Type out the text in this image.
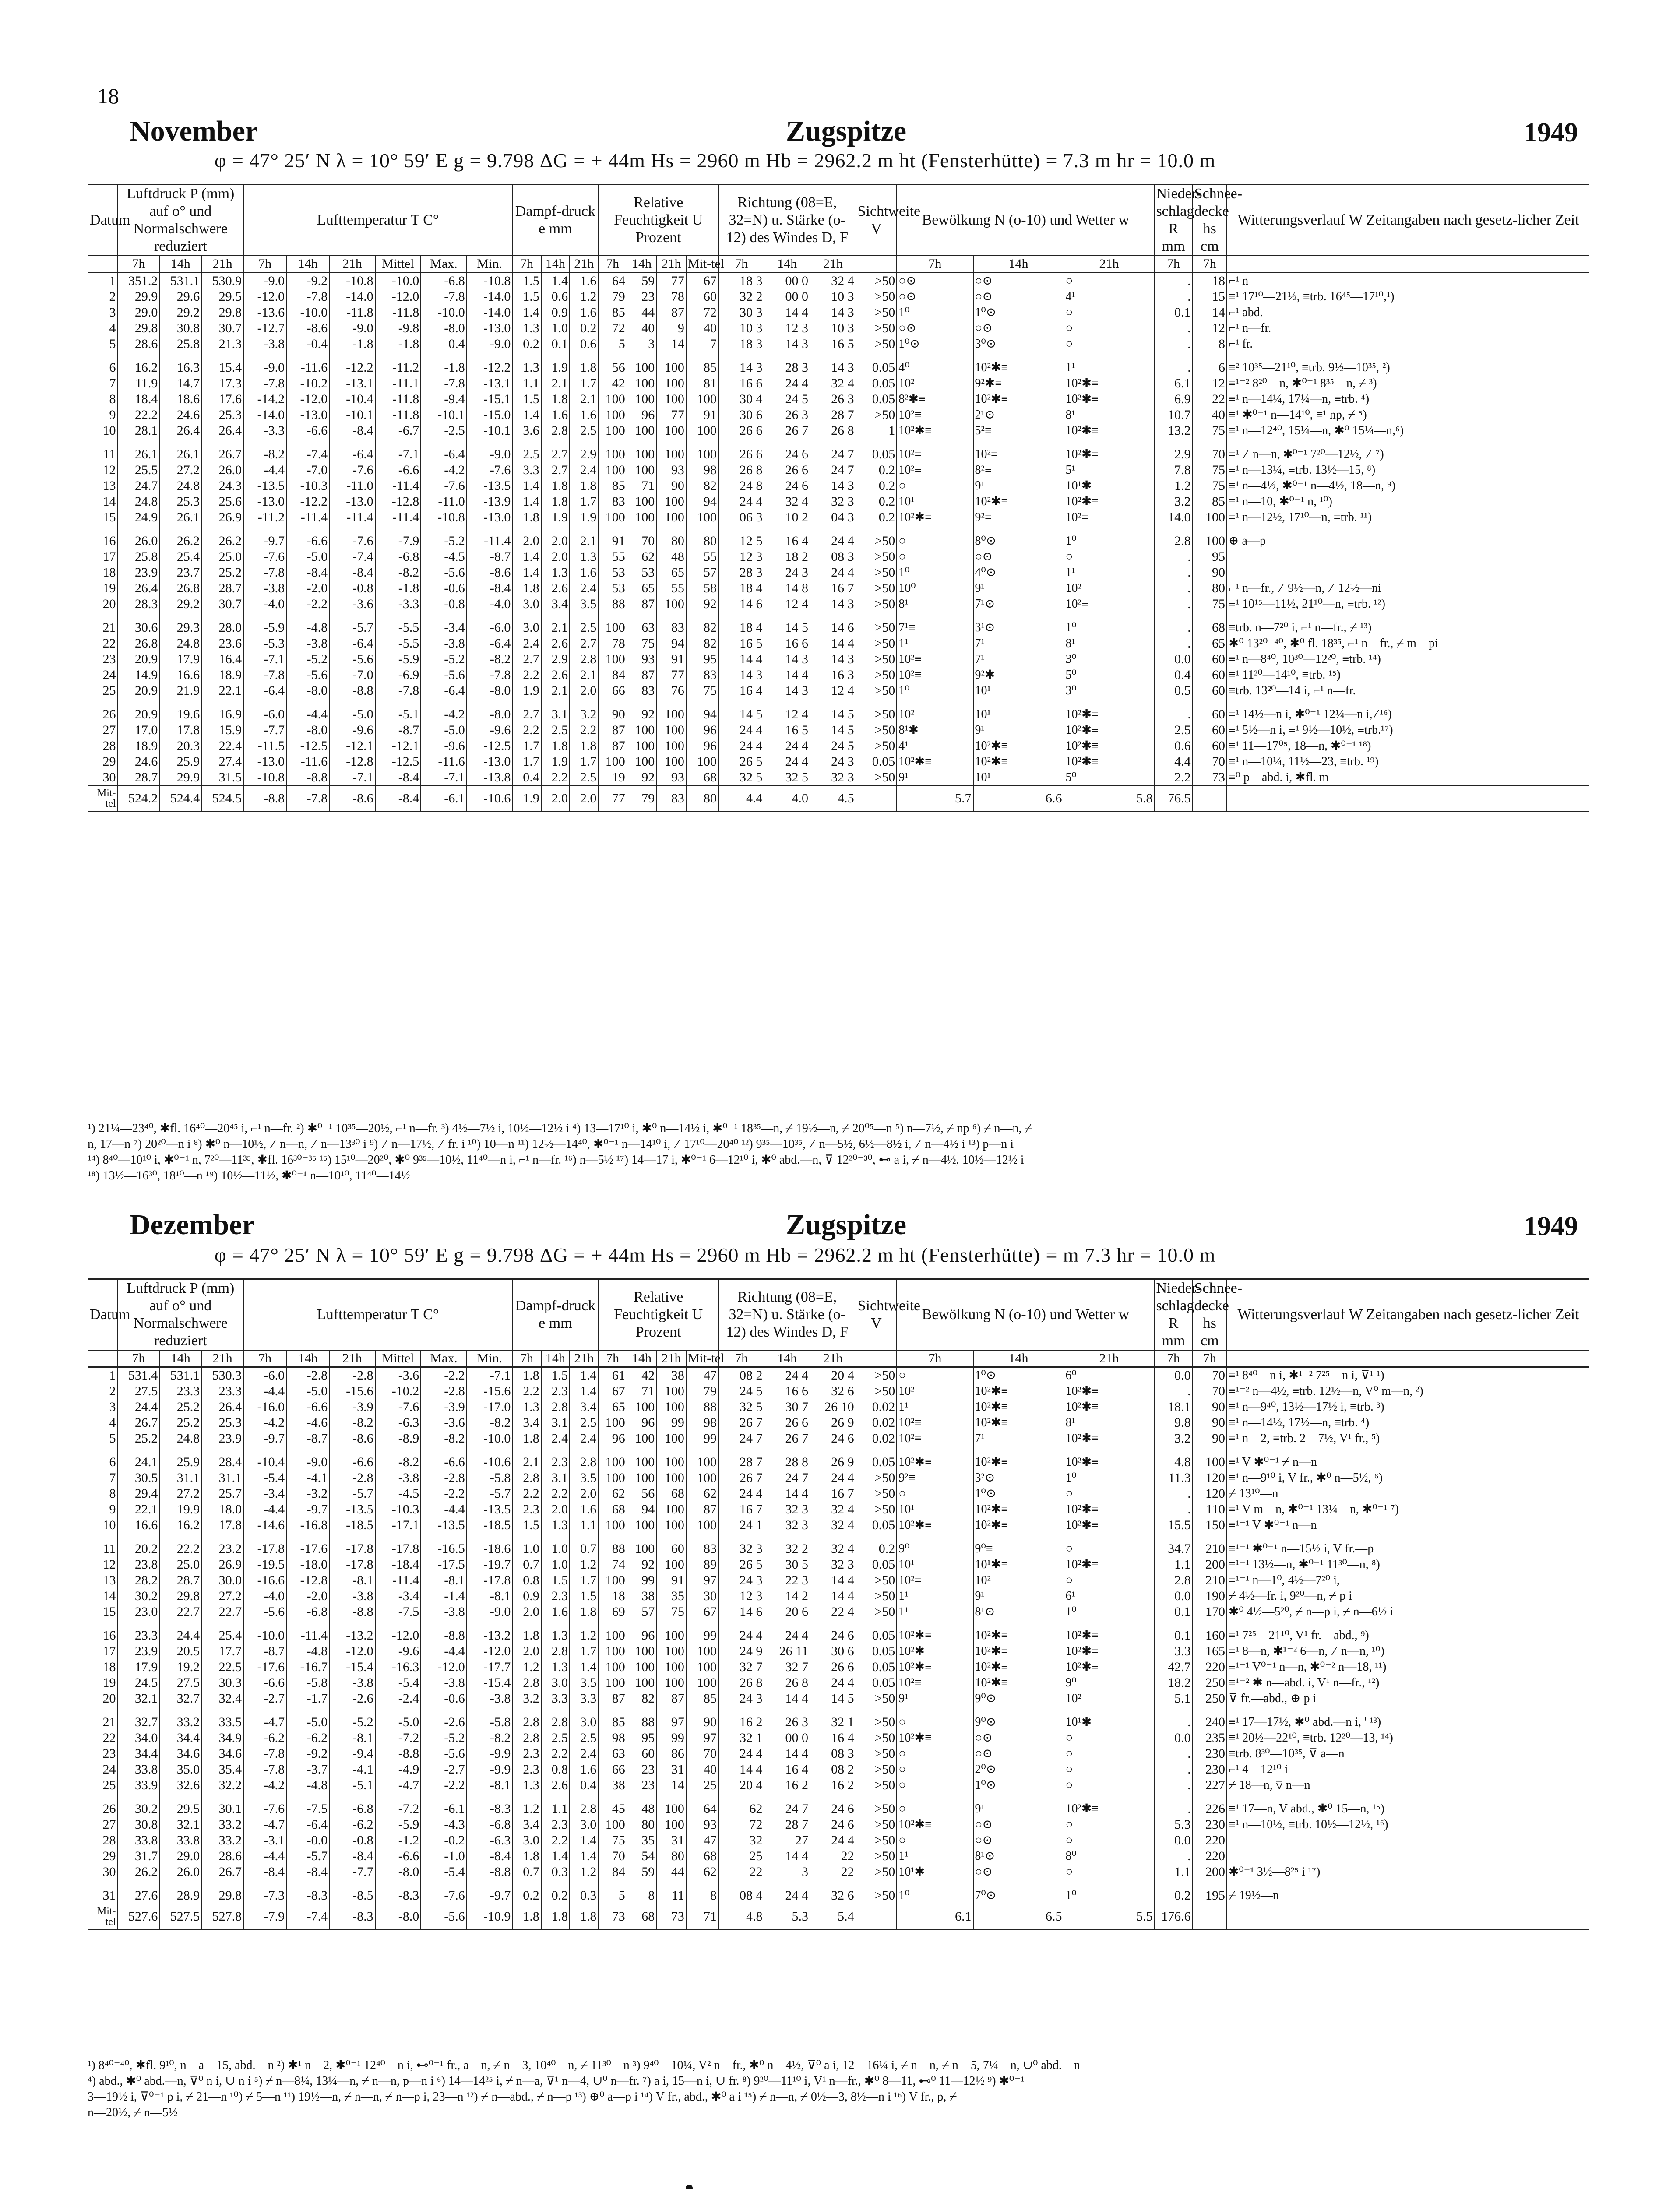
18
November	Zugspitze	1949
φ = 47° 25′ N λ = 10° 59′ E g = 9.798 ΔG = + 44m Hs = 2960 m Hb = 2962.2 m ht (Fensterhütte) = 7.3 m hr = 10.0 m
Datum	Luftdruck P (mm) auf o° und Normalschwere reduziert			Lufttemperatur T C°						Dampf-druck e mm			Relative Feuchtigkeit U Prozent				Richtung (08=E, 32=N) u. Stärke (o-12) des Windes D, F			Sichtweite V	Bewölkung N (o-10) und Wetter w			Nieder-schlag R mm	Schnee-decke hs cm	Witterungsverlauf W Zeitangaben nach gesetz-licher Zeit
	7h	14h	21h	7h	14h	21h	Mittel	Max.	Min.	7h	14h	21h	7h	14h	21h	Mit-tel	7h	14h	21h		7h	14h	21h	7h	7h	
1	351.2	531.1	530.9	-9.0	-9.2	-10.8	-10.0	-6.8	-10.8	1.5	1.4	1.6	64	59	77	67	18 3	00 0	32 4	>50	○⊙	○⊙	○	.	18	⌐¹ n
2	29.9	29.6	29.5	-12.0	-7.8	-14.0	-12.0	-7.8	-14.0	1.5	0.6	1.2	79	23	78	60	32 2	00 0	10 3	>50	○⊙	○⊙	4¹	.	15	≡¹ 17¹⁰—21½, ≡trb. 16⁴⁵—17¹⁰,¹)
3	29.0	29.2	29.8	-13.6	-10.0	-11.8	-11.8	-10.0	-14.0	1.4	0.9	1.6	85	44	87	72	30 3	14 4	14 3	>50	1⁰	1⁰⊙	○	0.1	14	⌐¹ abd.
4	29.8	30.8	30.7	-12.7	-8.6	-9.0	-9.8	-8.0	-13.0	1.3	1.0	0.2	72	40	9	40	10 3	12 3	10 3	>50	○⊙	○⊙	○	.	12	⌐¹ n—fr.
5	28.6	25.8	21.3	-3.8	-0.4	-1.8	-1.8	0.4	-9.0	0.2	0.1	0.6	5	3	14	7	18 3	14 3	16 5	>50	1⁰⊙	3⁰⊙	○	.	8	⌐¹ fr.

6	16.2	16.3	15.4	-9.0	-11.6	-12.2	-11.2	-1.8	-12.2	1.3	1.9	1.8	56	100	100	85	14 3	28 3	14 3	0.05	4⁰	10²✱≡	1¹	.	6	≡² 10³⁵—21¹⁰, ≡trb. 9½—10³⁵, ²)
7	11.9	14.7	17.3	-7.8	-10.2	-13.1	-11.1	-7.8	-13.1	1.1	2.1	1.7	42	100	100	81	16 6	24 4	32 4	0.05	10²	9²✱≡	10²✱≡	6.1	12	≡¹⁻² 8²⁰—n, ✱⁰⁻¹ 8³⁵—n, ⌿ ³)
8	18.4	18.6	17.6	-14.2	-12.0	-10.4	-11.8	-9.4	-15.1	1.5	1.8	2.1	100	100	100	100	30 4	24 5	26 3	0.05	8²✱≡	10²✱≡	10²✱≡	6.9	22	≡¹ n—14¼, 17¼—n, ≡trb. ⁴)
9	22.2	24.6	25.3	-14.0	-13.0	-10.1	-11.8	-10.1	-15.0	1.4	1.6	1.6	100	96	77	91	30 6	26 3	28 7	>50	10²≡	2¹⊙	8¹	10.7	40	≡¹ ✱⁰⁻¹ n—14¹⁰, ≡¹ np, ⌿ ⁵)
10	28.1	26.4	26.4	-3.3	-6.6	-8.4	-6.7	-2.5	-10.1	3.6	2.8	2.5	100	100	100	100	26 6	26 7	26 8	1	10²✱≡	5²≡	10²✱≡	13.2	75	≡¹ n—12⁴⁰, 15¼—n, ✱⁰ 15¼—n,⁶)

11	26.1	26.1	26.7	-8.2	-7.4	-6.4	-7.1	-6.4	-9.0	2.5	2.7	2.9	100	100	100	100	26 6	24 6	24 7	0.05	10²≡	10²≡	10²✱≡	2.9	70	≡¹ ⌿ n—n, ✱⁰⁻¹ 7²⁰—12½, ⌿ ⁷)
12	25.5	27.2	26.0	-4.4	-7.0	-7.6	-6.6	-4.2	-7.6	3.3	2.7	2.4	100	100	93	98	26 8	26 6	24 7	0.2	10²≡	8²≡	5¹	7.8	75	≡¹ n—13¼, ≡trb. 13½—15, ⁸)
13	24.7	24.8	24.3	-13.5	-10.3	-11.0	-11.4	-7.6	-13.5	1.4	1.8	1.8	85	71	90	82	24 8	24 6	14 3	0.2	○	9¹	10¹✱	1.2	75	≡¹ n—4½, ✱⁰⁻¹ n—4½, 18—n, ⁹)
14	24.8	25.3	25.6	-13.0	-12.2	-13.0	-12.8	-11.0	-13.9	1.4	1.8	1.7	83	100	100	94	24 4	32 4	32 3	0.2	10¹	10²✱≡	10²✱≡	3.2	85	≡¹ n—10, ✱⁰⁻¹ n, ¹⁰)
15	24.9	26.1	26.9	-11.2	-11.4	-11.4	-11.4	-10.8	-13.0	1.8	1.9	1.9	100	100	100	100	06 3	10 2	04 3	0.2	10²✱≡	9²≡	10²≡	14.0	100	≡¹ n—12½, 17¹⁰—n, ≡trb. ¹¹)

16	26.0	26.2	26.2	-9.7	-6.6	-7.6	-7.9	-5.2	-11.4	2.0	2.0	2.1	91	70	80	80	12 5	16 4	24 4	>50	○	8⁰⊙	1⁰	2.8	100	⊕ a—p
17	25.8	25.4	25.0	-7.6	-5.0	-7.4	-6.8	-4.5	-8.7	1.4	2.0	1.3	55	62	48	55	12 3	18 2	08 3	>50	○	○⊙	○	.	95	
18	23.9	23.7	25.2	-7.8	-8.4	-8.4	-8.2	-5.6	-8.6	1.4	1.3	1.6	53	53	65	57	28 3	24 3	24 4	>50	1⁰	4⁰⊙	1¹	.	90	
19	26.4	26.8	28.7	-3.8	-2.0	-0.8	-1.8	-0.6	-8.4	1.8	2.6	2.4	53	65	55	58	18 4	14 8	16 7	>50	10⁰	9¹	10²	.	80	⌐¹ n—fr., ⌿ 9½—n, ⌿ 12½—ni
20	28.3	29.2	30.7	-4.0	-2.2	-3.6	-3.3	-0.8	-4.0	3.0	3.4	3.5	88	87	100	92	14 6	12 4	14 3	>50	8¹	7¹⊙	10²≡	.	75	≡¹ 10¹⁵—11½, 21¹⁰—n, ≡trb. ¹²)

21	30.6	29.3	28.0	-5.9	-4.8	-5.7	-5.5	-3.4	-6.0	3.0	2.1	2.5	100	63	83	82	18 4	14 5	14 6	>50	7¹≡	3¹⊙	1⁰	.	68	≡trb. n—7²⁰ i, ⌐¹ n—fr., ⌿ ¹³)
22	26.8	24.8	23.6	-5.3	-3.8	-6.4	-5.5	-3.8	-6.4	2.4	2.6	2.7	78	75	94	82	16 5	16 6	14 4	>50	1¹	7¹	8¹	.	65	✱⁰ 13²⁰⁻⁴⁰, ✱⁰ fl. 18³⁵, ⌐¹ n—fr., ⌿ m—pi
23	20.9	17.9	16.4	-7.1	-5.2	-5.6	-5.9	-5.2	-8.2	2.7	2.9	2.8	100	93	91	95	14 4	14 3	14 3	>50	10²≡	7¹	3⁰	0.0	60	≡¹ n—8⁴⁰, 10³⁰—12²⁰, ≡trb. ¹⁴)
24	14.9	16.6	18.9	-7.8	-5.6	-7.0	-6.9	-5.6	-7.8	2.2	2.6	2.1	84	87	77	83	14 3	14 4	16 3	>50	10²≡	9²✱	5⁰	0.4	60	≡¹ 11²⁰—14¹⁰, ≡trb. ¹⁵)
25	20.9	21.9	22.1	-6.4	-8.0	-8.8	-7.8	-6.4	-8.0	1.9	2.1	2.0	66	83	76	75	16 4	14 3	12 4	>50	1⁰	10¹	3⁰	0.5	60	≡trb. 13²⁰—14 i, ⌐¹ n—fr.

26	20.9	19.6	16.9	-6.0	-4.4	-5.0	-5.1	-4.2	-8.0	2.7	3.1	3.2	90	92	100	94	14 5	12 4	14 5	>50	10²	10¹	10²✱≡	.	60	≡¹ 14½—n i, ✱⁰⁻¹ 12¼—n i,⌿¹⁶)
27	17.0	17.8	15.9	-7.7	-8.0	-9.6	-8.7	-5.0	-9.6	2.2	2.5	2.2	87	100	100	96	24 4	16 5	14 5	>50	8¹✱	9¹	10²✱≡	2.5	60	≡¹ 5½—n i, ≡¹ 9½—10½, ≡trb.¹⁷)
28	18.9	20.3	22.4	-11.5	-12.5	-12.1	-12.1	-9.6	-12.5	1.7	1.8	1.8	87	100	100	96	24 4	24 4	24 5	>50	4¹	10²✱≡	10²✱≡	0.6	60	≡¹ 11—17⁰⁵, 18—n, ✱⁰⁻¹ ¹⁸)
29	24.6	25.9	27.4	-13.0	-11.6	-12.8	-12.5	-11.6	-13.0	1.7	1.9	1.7	100	100	100	100	26 5	24 4	24 3	0.05	10²✱≡	10²✱≡	10²✱≡	4.4	70	≡¹ n—10¼, 11½—23, ≡trb. ¹⁹)
30	28.7	29.9	31.5	-10.8	-8.8	-7.1	-8.4	-7.1	-13.8	0.4	2.2	2.5	19	92	93	68	32 5	32 5	32 3	>50	9¹	10¹	5⁰	2.2	73	≡⁰ p—abd. i, ✱fl. m
Mit-tel	524.2	524.4	524.5	-8.8	-7.8	-8.6	-8.4	-6.1	-10.6	1.9	2.0	2.0	77	79	83	80	4.4	4.0	4.5		5.7	6.6	5.8	76.5		
¹) 21¼—23⁴⁰, ✱fl. 16⁴⁰—20⁴⁵ i, ⌐¹ n—fr. ²) ✱⁰⁻¹ 10³⁵—20½, ⌐¹ n—fr. ³) 4½—7½ i, 10½—12½ i ⁴) 13—17¹⁰ i, ✱⁰ n—14½ i, ✱⁰⁻¹ 18³⁵—n, ⌿ 19½—n, ⌿ 20⁰⁵—n ⁵) n—7½, ⌿ np ⁶) ⌿ n—n, ⌿
n, 17—n ⁷) 20²⁰—n i ⁸) ✱⁰ n—10½, ⌿ n—n, ⌿ n—13³⁰ i ⁹) ⌿ n—17½, ⌿ fr. i ¹⁰) 10—n ¹¹) 12½—14⁴⁰, ✱⁰⁻¹ n—14¹⁰ i, ⌿ 17¹⁰—20⁴⁰ ¹²) 9³⁵—10³⁵, ⌿ n—5½, 6½—8½ i, ⌿ n—4½ i ¹³) p—n i
¹⁴) 8⁴⁰—10¹⁰ i, ✱⁰⁻¹ n, 7²⁰—11³⁵, ✱fl. 16³⁰⁻³⁵ ¹⁵) 15¹⁰—20²⁰, ✱⁰ 9³⁵—10½, 11⁴⁰—n i, ⌐¹ n—fr. ¹⁶) n—5½ ¹⁷) 14—17 i, ✱⁰⁻¹ 6—12¹⁰ i, ✱⁰ abd.—n, ⊽ 12²⁰⁻³⁰, ⊷ a i, ⌿ n—4½, 10½—12½ i
¹⁸) 13½—16³⁰, 18¹⁰—n ¹⁹) 10½—11½, ✱⁰⁻¹ n—10¹⁰, 11⁴⁰—14½
Dezember	Zugspitze	1949
φ = 47° 25′ N λ = 10° 59′ E g = 9.798 ΔG = + 44m Hs = 2960 m Hb = 2962.2 m ht (Fensterhütte) = m 7.3 hr = 10.0 m
Datum	Luftdruck P (mm) auf o° und Normalschwere reduziert			Lufttemperatur T C°						Dampf-druck e mm			Relative Feuchtigkeit U Prozent				Richtung (08=E, 32=N) u. Stärke (o-12) des Windes D, F			Sichtweite V	Bewölkung N (o-10) und Wetter w			Nieder-schlag R mm	Schnee-decke hs cm	Witterungsverlauf W Zeitangaben nach gesetz-licher Zeit
	7h	14h	21h	7h	14h	21h	Mittel	Max.	Min.	7h	14h	21h	7h	14h	21h	Mit-tel	7h	14h	21h		7h	14h	21h	7h	7h	
1	531.4	531.1	530.3	-6.0	-2.8	-2.8	-3.6	-2.2	-7.1	1.8	1.5	1.4	61	42	38	47	08 2	24 4	20 4	>50	○	1⁰⊙	6⁰	0.0	70	≡¹ 8⁴⁰—n i, ✱¹⁻² 7²⁵—n i, ⊽¹ ¹)
2	27.5	23.3	23.3	-4.4	-5.0	-15.6	-10.2	-2.8	-15.6	2.2	2.3	1.4	67	71	100	79	24 5	16 6	32 6	>50	10²	10²✱≡	10²✱≡	.	70	≡¹⁻² n—4½, ≡trb. 12½—n, V⁰ m—n, ²)
3	24.4	25.2	26.4	-16.0	-6.6	-3.9	-7.6	-3.9	-17.0	1.3	2.8	3.4	65	100	100	88	32 5	30 7	26 10	0.02	1¹	10²✱≡	10²✱≡	18.1	90	≡¹ n—9⁴⁰, 13½—17½ i, ≡trb. ³)
4	26.7	25.2	25.3	-4.2	-4.6	-8.2	-6.3	-3.6	-8.2	3.4	3.1	2.5	100	96	99	98	26 7	26 6	26 9	0.02	10²≡	10²✱≡	8¹	9.8	90	≡¹ n—14½, 17½—n, ≡trb. ⁴)
5	25.2	24.8	23.9	-9.7	-8.7	-8.6	-8.9	-8.2	-10.0	1.8	2.4	2.4	96	100	100	99	24 7	26 7	24 6	0.02	10²≡	7¹	10²✱≡	3.2	90	≡¹ n—2, ≡trb. 2—7½, V¹ fr., ⁵)

6	24.1	25.9	28.4	-10.4	-9.0	-6.6	-8.2	-6.6	-10.6	2.1	2.3	2.8	100	100	100	100	28 7	28 8	26 9	0.05	10²✱≡	10²✱≡	10²✱≡	4.8	100	≡¹ V ✱⁰⁻¹ ⌿ n—n
7	30.5	31.1	31.1	-5.4	-4.1	-2.8	-3.8	-2.8	-5.8	2.8	3.1	3.5	100	100	100	100	26 7	24 7	24 4	>50	9²≡	3²⊙	1⁰	11.3	120	≡¹ n—9¹⁰ i, V fr., ✱⁰ n—5½, ⁶)
8	29.4	27.2	25.7	-3.4	-3.2	-5.7	-4.5	-2.2	-5.7	2.2	2.2	2.0	62	56	68	62	24 4	14 4	16 7	>50	○	1⁰⊙	○	.	120	⌿ 13¹⁰—n
9	22.1	19.9	18.0	-4.4	-9.7	-13.5	-10.3	-4.4	-13.5	2.3	2.0	1.6	68	94	100	87	16 7	32 3	32 4	>50	10¹	10²✱≡	10²✱≡	.	110	≡¹ V m—n, ✱⁰⁻¹ 13¼—n, ✱⁰⁻¹ ⁷)
10	16.6	16.2	17.8	-14.6	-16.8	-18.5	-17.1	-13.5	-18.5	1.5	1.3	1.1	100	100	100	100	24 1	32 3	32 4	0.05	10²✱≡	10²✱≡	10²✱≡	15.5	150	≡¹⁻¹ V ✱⁰⁻¹ n—n

11	20.2	22.2	23.2	-17.8	-17.6	-17.8	-17.8	-16.5	-18.6	1.0	1.0	0.7	88	100	60	83	32 3	32 2	32 4	0.2	9⁰	9⁰≡	○	34.7	210	≡¹⁻¹ ✱⁰⁻¹ n—15½ i, V fr.—p
12	23.8	25.0	26.9	-19.5	-18.0	-17.8	-18.4	-17.5	-19.7	0.7	1.0	1.2	74	92	100	89	26 5	30 5	32 3	0.05	10¹	10¹✱≡	10²✱≡	1.1	200	≡¹⁻¹ 13½—n, ✱⁰⁻¹ 11³⁰—n, ⁸)
13	28.2	28.7	30.0	-16.6	-12.8	-8.1	-11.4	-8.1	-17.8	0.8	1.5	1.7	100	99	91	97	24 3	22 3	14 4	>50	10²≡	10²	○	2.8	210	≡¹⁻¹ n—1⁰, 4½—7²⁰ i,
14	30.2	29.8	27.2	-4.0	-2.0	-3.8	-3.4	-1.4	-8.1	0.9	2.3	1.5	18	38	35	30	12 3	14 2	14 4	>50	1¹	9¹	6¹	0.0	190	⌿ 4½—fr. i, 9²⁰—n, ⌿ p i
15	23.0	22.7	22.7	-5.6	-6.8	-8.8	-7.5	-3.8	-9.0	2.0	1.6	1.8	69	57	75	67	14 6	20 6	22 4	>50	1¹	8¹⊙	1⁰	0.1	170	✱⁰ 4½—5²⁰, ⌿ n—p i, ⌿ n—6½ i

16	23.3	24.4	25.4	-10.0	-11.4	-13.2	-12.0	-8.8	-13.2	1.8	1.3	1.2	100	96	100	99	24 4	24 4	24 6	0.05	10²✱≡	10²✱≡	10²✱≡	0.1	160	≡¹ 7²⁵—21¹⁰, V¹ fr.—abd., ⁹)
17	23.9	20.5	17.7	-8.7	-4.8	-12.0	-9.6	-4.4	-12.0	2.0	2.8	1.7	100	100	100	100	24 9	26 11	30 6	0.05	10²✱	10²✱≡	10²✱≡	3.3	165	≡¹ 8—n, ✱¹⁻² 6—n, ⌿ n—n, ¹⁰)
18	17.9	19.2	22.5	-17.6	-16.7	-15.4	-16.3	-12.0	-17.7	1.2	1.3	1.4	100	100	100	100	32 7	32 7	26 6	0.05	10²✱≡	10²✱≡	10²✱≡	42.7	220	≡¹⁻¹ V⁰⁻¹ n—n, ✱⁰⁻² n—18, ¹¹)
19	24.5	27.5	30.3	-6.6	-5.8	-3.8	-5.4	-3.8	-15.4	2.8	3.0	3.5	100	100	100	100	26 8	26 8	24 4	0.05	10²≡	10²✱≡	9⁰	18.2	250	≡¹⁻² ✱ n—abd. i, V¹ n—fr., ¹²)
20	32.1	32.7	32.4	-2.7	-1.7	-2.6	-2.4	-0.6	-3.8	3.2	3.3	3.3	87	82	87	85	24 3	14 4	14 5	>50	9¹	9⁰⊙	10²	5.1	250	⊽ fr.—abd., ⊕ p i

21	32.7	33.2	33.5	-4.7	-5.0	-5.2	-5.0	-2.6	-5.8	2.8	2.8	3.0	85	88	97	90	16 2	26 3	32 1	>50	○	9⁰⊙	10¹✱	.	240	≡¹ 17—17½, ✱⁰ abd.—n i, ' ¹³)
22	34.0	34.4	34.9	-6.2	-6.2	-8.1	-7.2	-5.2	-8.2	2.8	2.5	2.5	98	95	99	97	32 1	00 0	16 4	>50	10²✱≡	○⊙	○	0.0	235	≡¹ 20½—22¹⁰, ≡trb. 12²⁰—13, ¹⁴)
23	34.4	34.6	34.6	-7.8	-9.2	-9.4	-8.8	-5.6	-9.9	2.3	2.2	2.4	63	60	86	70	24 4	14 4	08 3	>50	○	○⊙	○	.	230	≡trb. 8³⁰—10³⁵, ⊽ a—n
24	33.8	35.0	35.4	-7.8	-3.7	-4.1	-4.9	-2.7	-9.9	2.3	0.8	1.6	66	23	31	40	14 4	16 4	08 2	>50	○	2⁰⊙	○	.	230	⌐¹ 4—12¹⁰ i
25	33.9	32.6	32.2	-4.2	-4.8	-5.1	-4.7	-2.2	-8.1	1.3	2.6	0.4	38	23	14	25	20 4	16 2	16 2	>50	○	1⁰⊙	○	.	227	⌿ 18—n, ⊽ n—n

26	30.2	29.5	30.1	-7.6	-7.5	-6.8	-7.2	-6.1	-8.3	1.2	1.1	2.8	45	48	100	64	62	24 7	24 6	>50	○	9¹	10²✱≡	.	226	≡¹ 17—n, V abd., ✱⁰ 15—n, ¹⁵)
27	30.8	32.1	33.2	-4.7	-6.4	-6.2	-5.9	-4.3	-6.8	3.4	2.3	3.0	100	80	100	93	72	28 7	24 6	>50	10²✱≡	○⊙	○	5.3	230	≡¹ n—10½, ≡trb. 10½—12½, ¹⁶)
28	33.8	33.8	33.2	-3.1	-0.0	-0.8	-1.2	-0.2	-6.3	3.0	2.2	1.4	75	35	31	47	32	27	24 4	>50	○	○⊙	○	0.0	220	
29	31.7	29.0	28.6	-4.4	-5.7	-8.4	-6.6	-1.0	-8.4	1.8	1.4	1.4	70	54	80	68	25	14 4	22	>50	1¹	8¹⊙	8⁰	.	220	
30	26.2	26.0	26.7	-8.4	-8.4	-7.7	-8.0	-5.4	-8.8	0.7	0.3	1.2	84	59	44	62	22	3	22	>50	10¹✱	○⊙	○	1.1	200	✱⁰⁻¹ 3½—8²⁵ i ¹⁷)

31	27.6	28.9	29.8	-7.3	-8.3	-8.5	-8.3	-7.6	-9.7	0.2	0.2	0.3	5	8	11	8	08 4	24 4	32 6	>50	1⁰	7⁰⊙	1⁰	0.2	195	⌿ 19½—n
Mit-tel	527.6	527.5	527.8	-7.9	-7.4	-8.3	-8.0	-5.6	-10.9	1.8	1.8	1.8	73	68	73	71	4.8	5.3	5.4		6.1	6.5	5.5	176.6		
¹) 8⁴⁰⁻⁴⁰, ✱fl. 9¹⁰, n—a—15, abd.—n ²) ✱¹ n—2, ✱⁰⁻¹ 12⁴⁰—n i, ⊷⁰⁻¹ fr., a—n, ⌿ n—3, 10⁴⁰—n, ⌿ 11³⁰—n ³) 9⁴⁰—10¼, V² n—fr., ✱⁰ n—4½, ⊽⁰ a i, 12—16¼ i, ⌿ n—n, ⌿ n—5, 7¼—n, ∪⁰ abd.—n
⁴) abd., ✱⁰ abd.—n, ⊽⁰ n i, ∪ n i ⁵) ⌿ n—8¼, 13¼—n, ⌿ n—n, p—n i ⁶) 14—14²⁵ i, ⌿ n—a, ⊽¹ n—4, ∪⁰ n—fr. ⁷) a i, 15—n i, ∪ fr. ⁸) 9²⁰—11¹⁰ i, V¹ n—fr., ✱⁰ 8—11, ⊷⁰ 11—12½ ⁹) ✱⁰⁻¹
3—19½ i, ⊽⁰⁻¹ p i, ⌿ 21—n ¹⁰) ⌿ 5—n ¹¹) 19½—n, ⌿ n—n, ⌿ n—p i, 23—n ¹²) ⌿ n—abd., ⌿ n—p ¹³) ⊕⁰ a—p i ¹⁴) V fr., abd., ✱⁰ a i ¹⁵) ⌿ n—n, ⌿ 0½—3, 8½—n i ¹⁶) V fr., p, ⌿
n—20½, ⌿ n—5½
